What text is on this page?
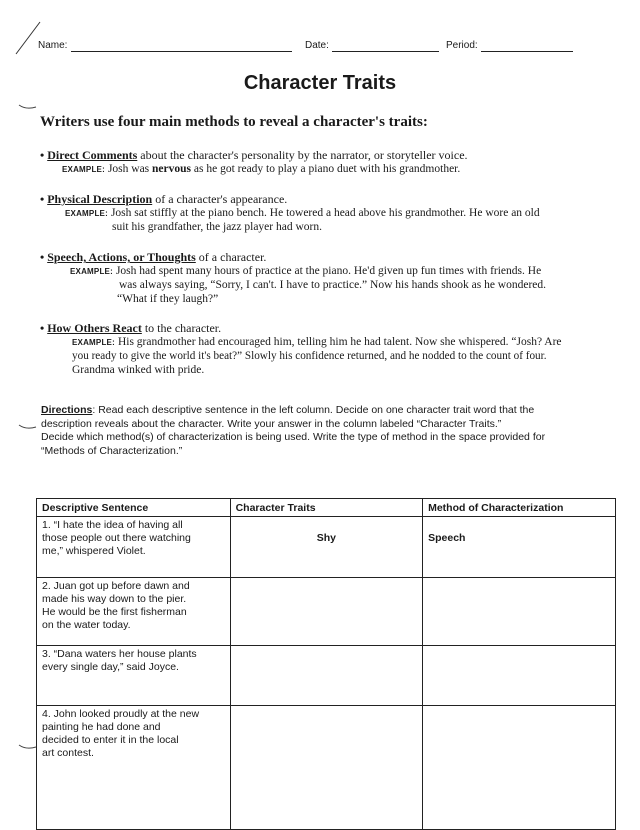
Name:	Date:	Period:
Character Traits
Writers use four main methods to reveal a character's traits:
• Direct Comments about the character's personality by the narrator, or storyteller voice.
EXAMPLE: Josh was nervous as he got ready to play a piano duet with his grandmother.
• Physical Description of a character's appearance.
EXAMPLE: Josh sat stiffly at the piano bench. He towered a head above his grandmother. He wore an old
suit his grandfather, the jazz player had worn.
• Speech, Actions, or Thoughts of a character.
EXAMPLE: Josh had spent many hours of practice at the piano. He'd given up fun times with friends. He
was always saying, “Sorry, I can't. I have to practice.” Now his hands shook as he wondered.
“What if they laugh?”
• How Others React to the character.
EXAMPLE: His grandmother had encouraged him, telling him he had talent. Now she whispered. “Josh? Are
you ready to give the world it's beat?” Slowly his confidence returned, and he nodded to the count of four.
Grandma winked with pride.
Directions: Read each descriptive sentence in the left column. Decide on one character trait word that the
description reveals about the character. Write your answer in the column labeled “Character Traits.”
Decide which method(s) of characterization is being used. Write the type of method in the space provided for
“Methods of Characterization.”
Descriptive Sentence	Character Traits	Method of Characterization

1. “I hate the idea of having all
those people out there watching
me,” whispered Violet.	Shy	Speech

2. Juan got up before dawn and
made his way down to the pier.
He would be the first fisherman
on the water today.		

3. “Dana waters her house plants
every single day,” said Joyce.		

4. John looked proudly at the new
painting he had done and
decided to enter it in the local
art contest.		
